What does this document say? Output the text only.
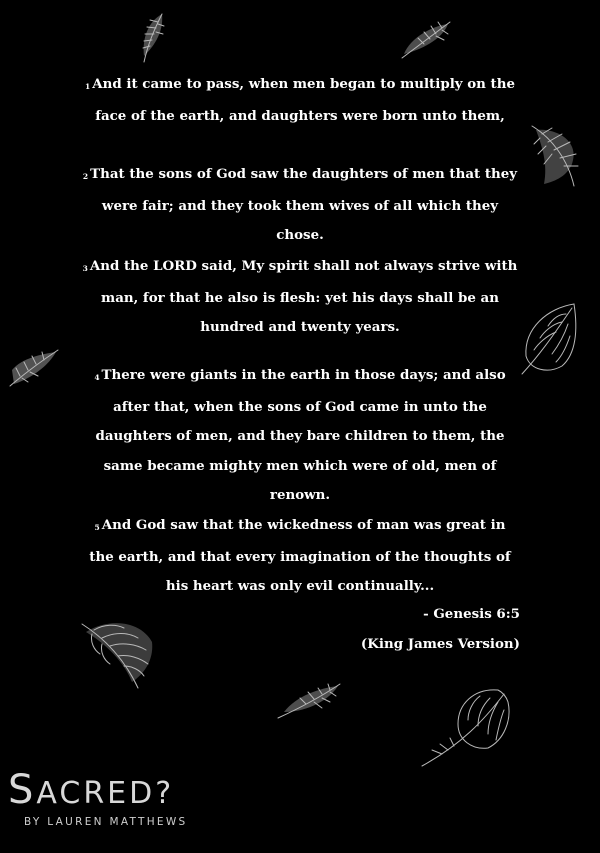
1 And it came to pass, when men began to multiply on the face of the earth, and daughters were born unto them,
2 That the sons of God saw the daughters of men that they were fair; and they took them wives of all which they chose.
3 And the LORD said, My spirit shall not always strive with man, for that he also is flesh: yet his days shall be an hundred and twenty years.
4 There were giants in the earth in those days; and also after that, when the sons of God came in unto the daughters of men, and they bare children to them, the same became mighty men which were of old, men of renown.
5 And God saw that the wickedness of man was great in the earth, and that every imagination of the thoughts of his heart was only evil continually...
- Genesis 6:5
(King James Version)
SACRED?
BY LAUREN MATTHEWS
